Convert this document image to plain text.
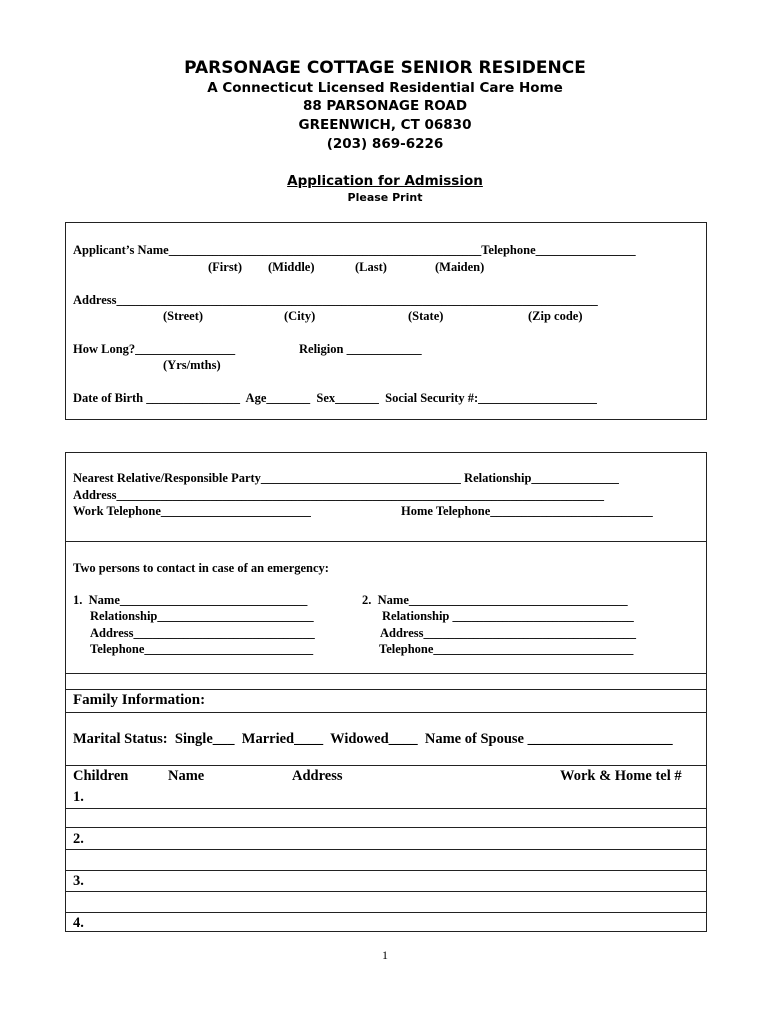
PARSONAGE COTTAGE SENIOR RESIDENCE
A Connecticut Licensed Residential Care Home
88 PARSONAGE ROAD
GREENWICH, CT 06830
(203) 869-6226
Application for Admission
Please Print
Applicant’s Name__________________________________________________Telephone________________
(First) (Middle)	(Last)	(Maiden)
Address_____________________________________________________________________________
(Street)	(City)	(State)	(Zip code)
How Long?________________	Religion ____________
(Yrs/mths)
Date of Birth _______________  Age_______  Sex_______  Social Security #:___________________
Nearest Relative/Responsible Party________________________________ Relationship______________
Address______________________________________________________________________________
Work Telephone________________________	Home Telephone__________________________
Two persons to contact in case of an emergency:
1.  Name______________________________
Relationship_________________________
Address_____________________________
Telephone___________________________
2.  Name___________________________________
Relationship _____________________________
Address__________________________________
Telephone________________________________
Family Information:
Marital Status:  Single___  Married____  Widowed____  Name of Spouse ____________________
Children	Name	Address	Work & Home tel #
1.
2.
3.
4.
1
